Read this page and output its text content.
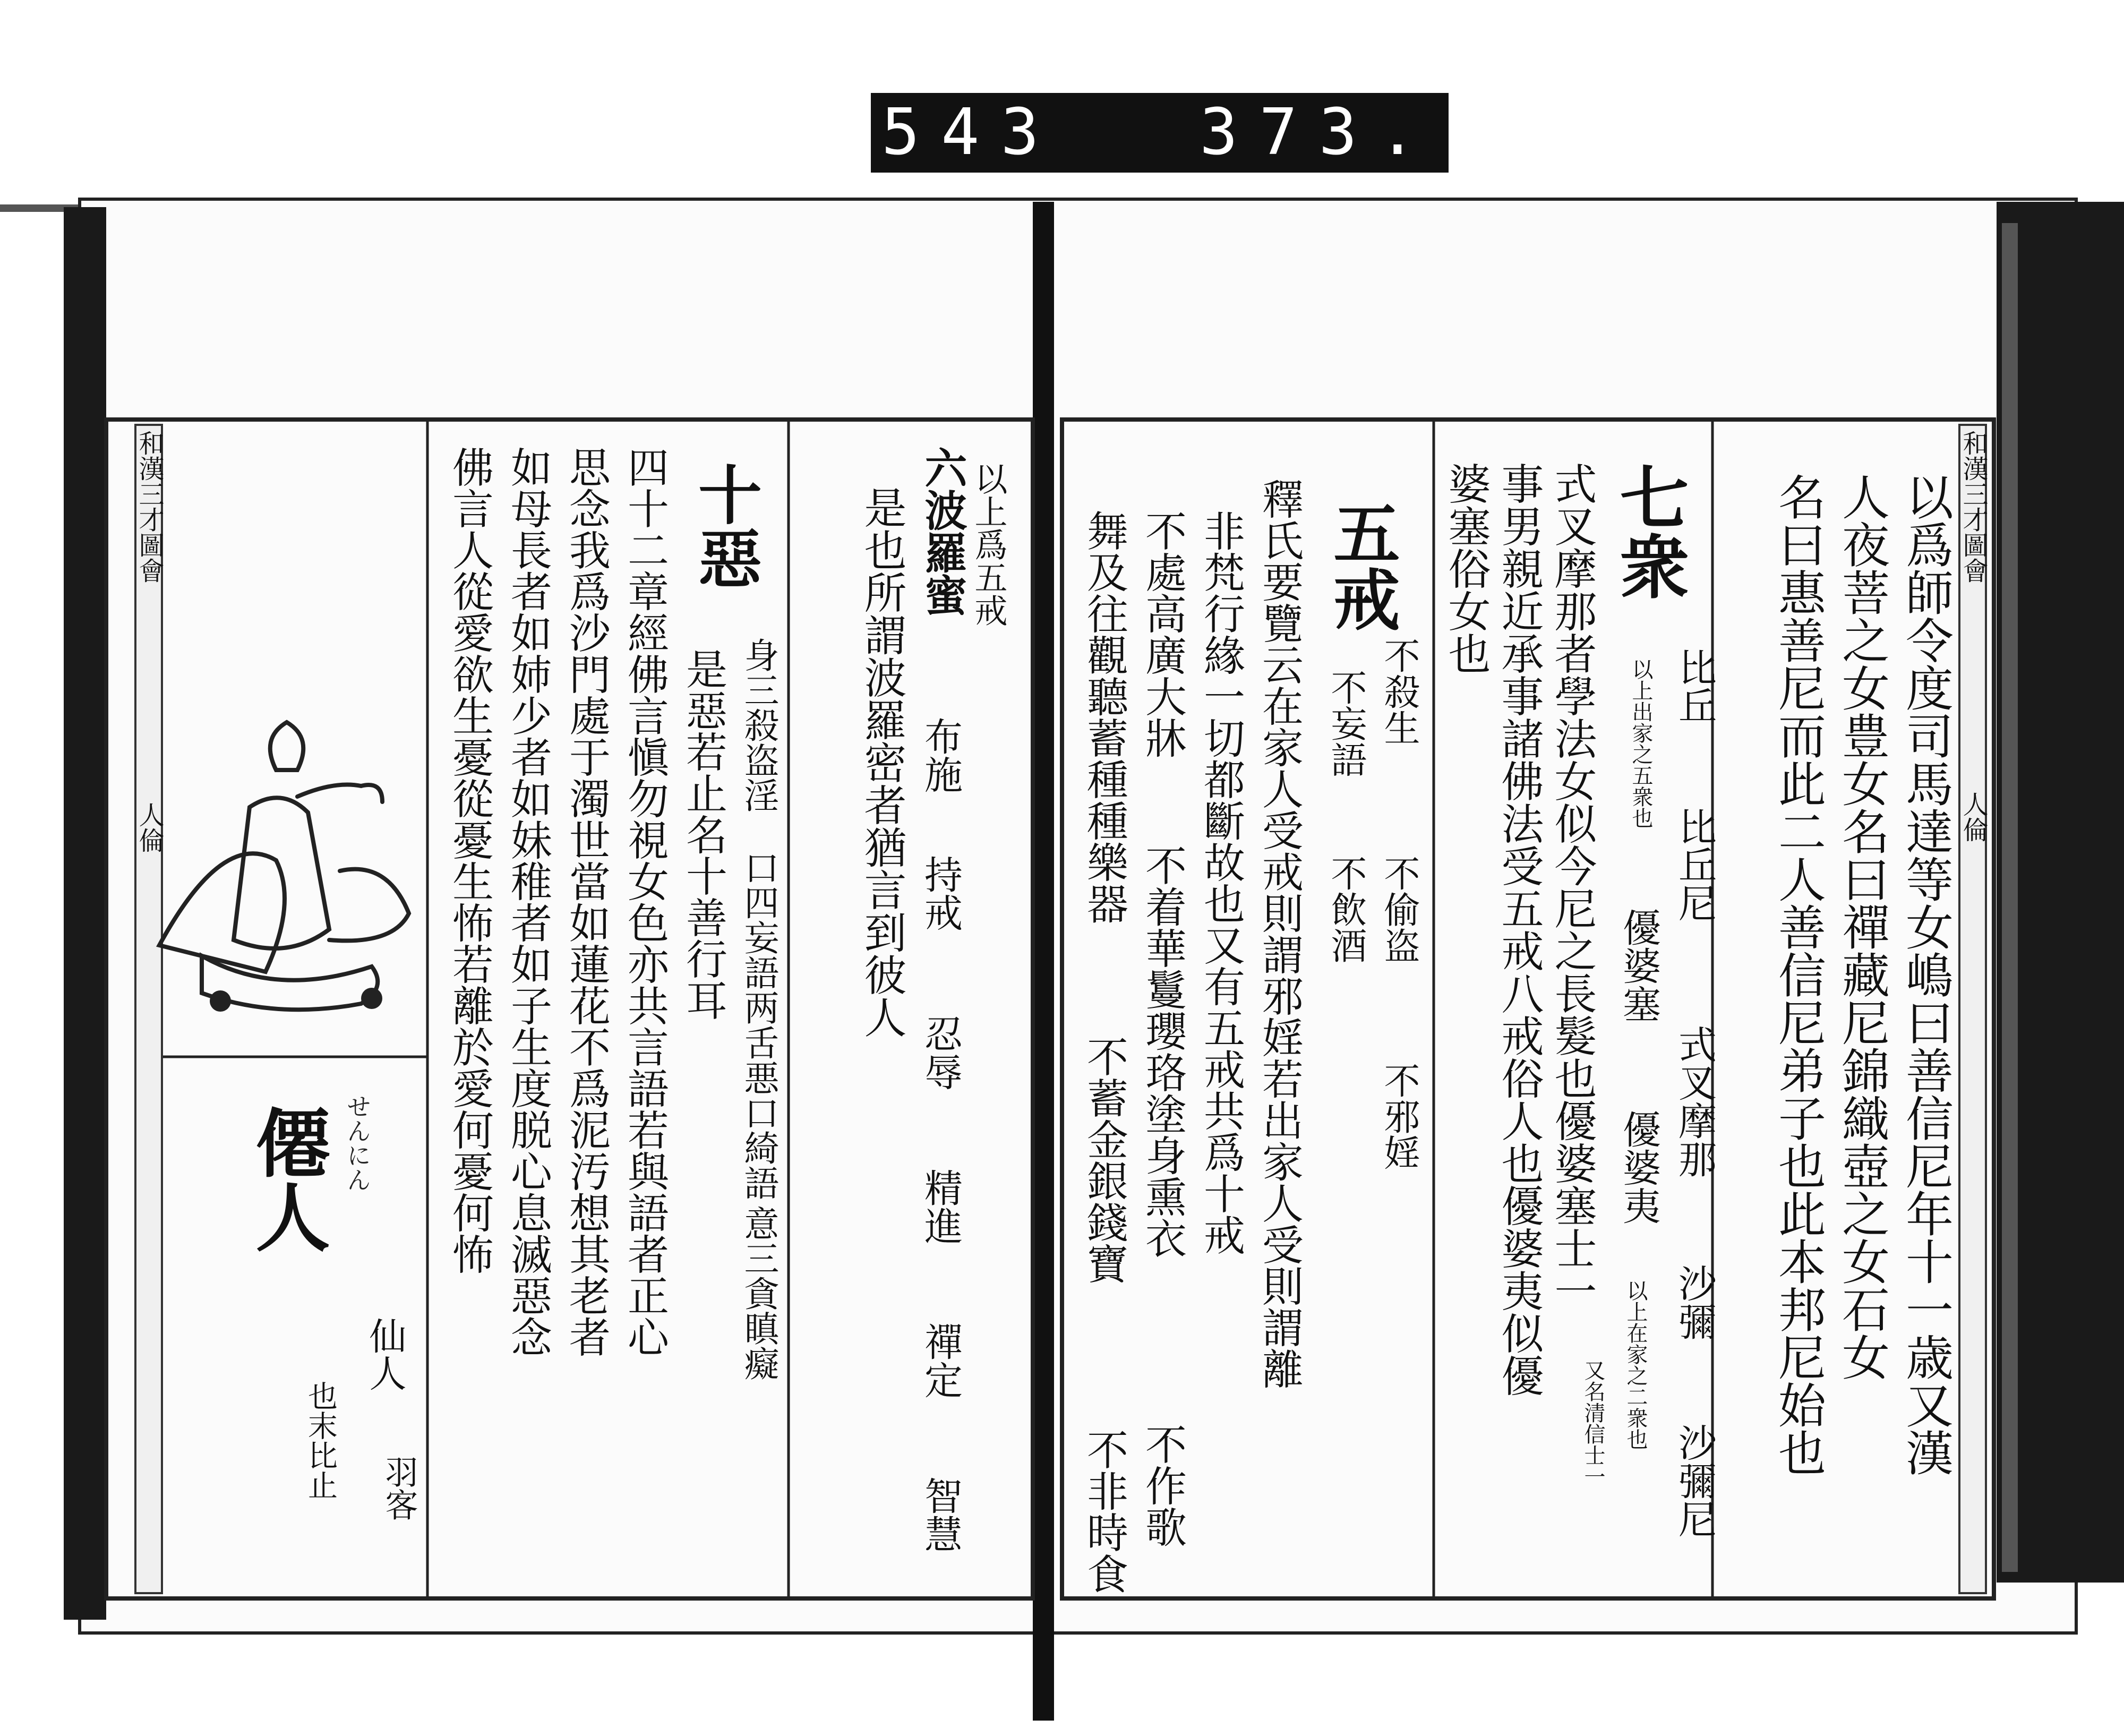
543 373.
和漢三才圖會
人倫
和漢三才圖會
人倫	以爲師令度司馬達等女嶋曰善信尼年十一歳又漢
人夜菩之女豊女名曰禪藏尼錦織壺之女石女
名曰惠善尼而此二人善信尼弟子也此本邦尼始也
七衆
比丘
比丘尼
式叉摩那
沙彌
沙彌尼
優婆塞
優婆夷
以上出家之五衆也
以上在家之二衆也
又名清信士一
式叉摩那者學法女似今尼之長髮也優婆塞士一
事男親近承事諸佛法受五戒八戒俗人也優婆夷似優
婆塞俗女也
五戒
不殺生
不偷盗
不邪婬
不妄語
不飲酒
釋氏要覽云在家人受戒則謂邪婬若出家人受則謂離
非梵行緣一切都斷故也又有五戒共爲十戒
不處高廣大牀
不着華鬘瓔珞塗身熏衣
不作歌
舞及往觀聽蓄種種樂器
不蓄金銀錢寶
不非時食
以上爲五戒
六波羅蜜
布施
持戒
忍辱
精進
禪定
智慧
是也所謂波羅密者猶言到彼人
十惡
身三殺盗淫
口四妄語两舌悪口綺語
意三貪瞋癡
是惡若止名十善行耳
四十二章經佛言愼勿視女色亦共言語若與語者正心
思念我爲沙門處于濁世當如蓮花不爲泥汚想其老者
如母長者如姉少者如妹稚者如子生度脱心息滅惡念
佛言人從愛欲生憂從憂生怖若離於愛何憂何怖
僊人 せんにん
仙人
羽客
也末比止
